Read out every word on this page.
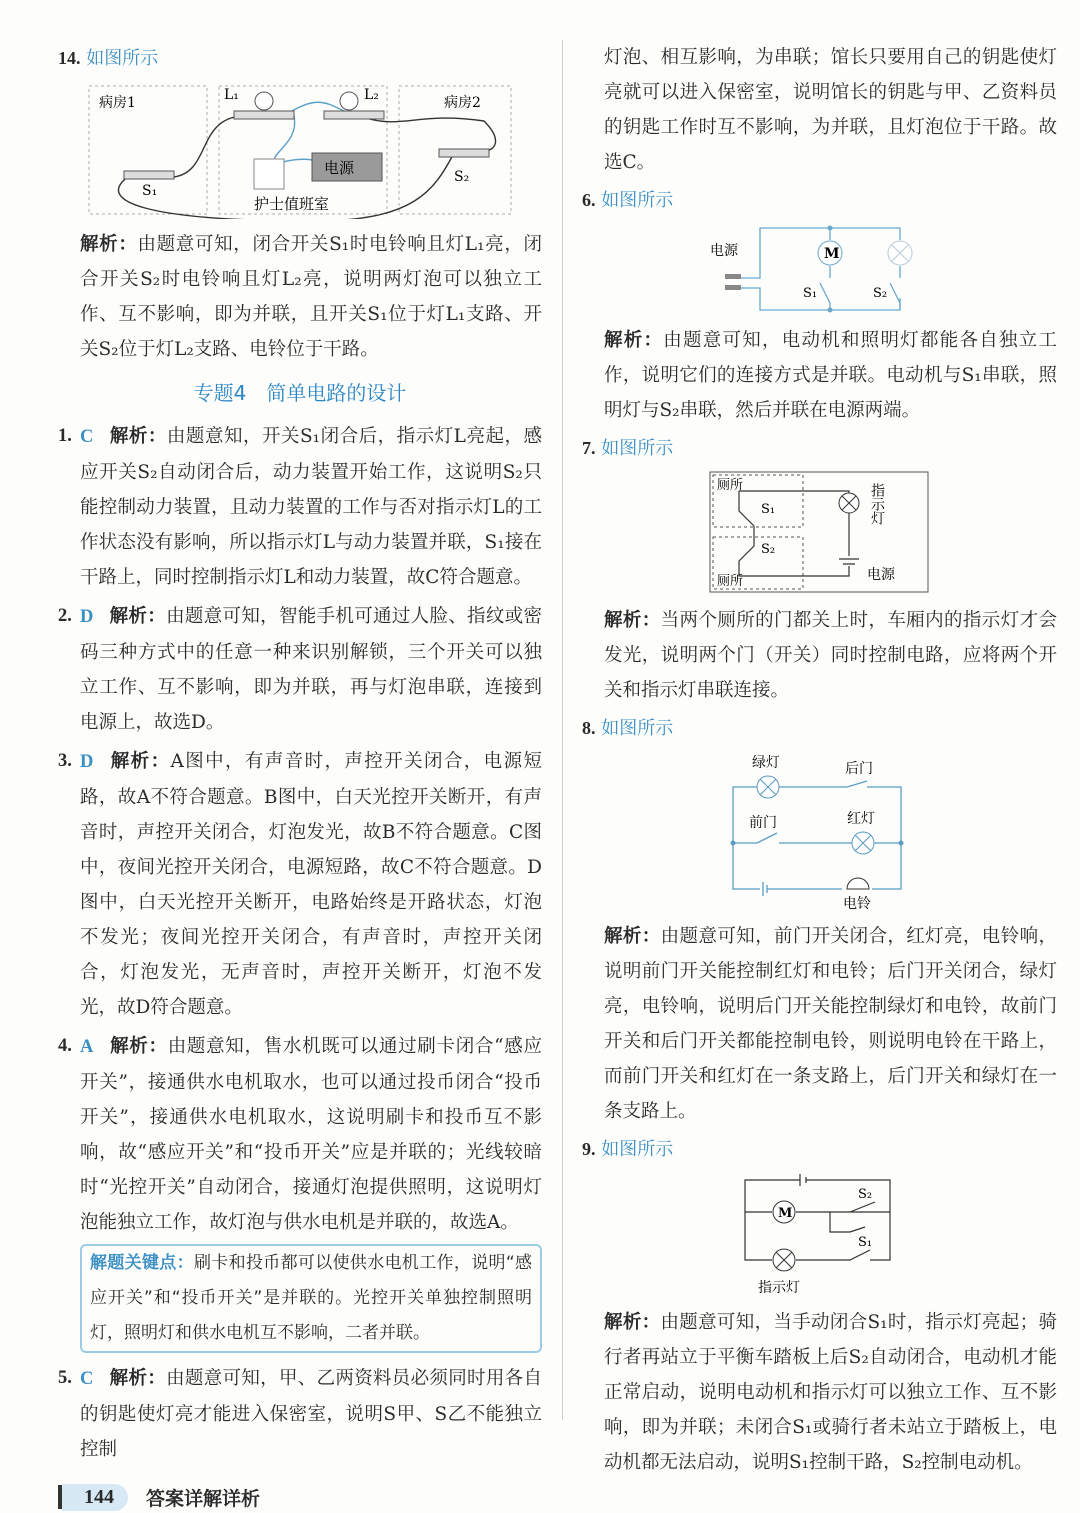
14. 如图所示
电源
病房1	病房2
护士值班室
L₁	L₂
S₁
S₂
解析：由题意可知，闭合开关S₁时电铃响且灯L₁亮，闭合开关S₂时电铃响且灯L₂亮，说明两灯泡可以独立工作、互不影响，即为并联，且开关S₁位于灯L₁支路、开关S₂位于灯L₂支路、电铃位于干路。
专题4　简单电路的设计
1. C 解析：由题意知，开关S₁闭合后，指示灯L亮起，感应开关S₂自动闭合后，动力装置开始工作，这说明S₂只能控制动力装置，且动力装置的工作与否对指示灯L的工作状态没有影响，所以指示灯L与动力装置并联，S₁接在干路上，同时控制指示灯L和动力装置，故C符合题意。
2. D 解析：由题意可知，智能手机可通过人脸、指纹或密码三种方式中的任意一种来识别解锁，三个开关可以独立工作、互不影响，即为并联，再与灯泡串联，连接到电源上，故选D。
3. D 解析：A图中，有声音时，声控开关闭合，电源短路，故A不符合题意。B图中，白天光控开关断开，有声音时，声控开关闭合，灯泡发光，故B不符合题意。C图中，夜间光控开关闭合，电源短路，故C不符合题意。D图中，白天光控开关断开，电路始终是开路状态，灯泡不发光；夜间光控开关闭合，有声音时，声控开关闭合，灯泡发光，无声音时，声控开关断开，灯泡不发光，故D符合题意。
4. A 解析：由题意知，售水机既可以通过刷卡闭合“感应开关”，接通供水电机取水，也可以通过投币闭合“投币开关”，接通供水电机取水，这说明刷卡和投币互不影响，故“感应开关”和“投币开关”应是并联的；光线较暗时“光控开关”自动闭合，接通灯泡提供照明，这说明灯泡能独立工作，故灯泡与供水电机是并联的，故选A。
解题关键点：刷卡和投币都可以使供水电机工作，说明“感应开关”和“投币开关”是并联的。光控开关单独控制照明灯，照明灯和供水电机互不影响，二者并联。
5. C 解析：由题意可知，甲、乙两资料员必须同时用各自的钥匙使灯亮才能进入保密室，说明S甲、S乙不能独立控制
144	答案详解详析
灯泡、相互影响，为串联；馆长只要用自己的钥匙使灯亮就可以进入保密室，说明馆长的钥匙与甲、乙资料员的钥匙工作时互不影响，为并联，且灯泡位于干路。故选C。
6. 如图所示
M
电源
S₁	S₂
解析：由题意可知，电动机和照明灯都能各自独立工作，说明它们的连接方式是并联。电动机与S₁串联，照明灯与S₂串联，然后并联在电源两端。
7. 如图所示
厕所
厕所
S₁
S₂
指示灯
电源
解析：当两个厕所的门都关上时，车厢内的指示灯才会发光，说明两个门（开关）同时控制电路，应将两个开关和指示灯串联连接。
8. 如图所示
绿灯	后门
前门	红灯
电铃
解析：由题意可知，前门开关闭合，红灯亮，电铃响，说明前门开关能控制红灯和电铃；后门开关闭合，绿灯亮，电铃响，说明后门开关能控制绿灯和电铃，故前门开关和后门开关都能控制电铃，则说明电铃在干路上，而前门开关和红灯在一条支路上，后门开关和绿灯在一条支路上。
9. 如图所示
M
S₂
S₁
指示灯
解析：由题意可知，当手动闭合S₁时，指示灯亮起；骑行者再站立于平衡车踏板上后S₂自动闭合，电动机才能正常启动，说明电动机和指示灯可以独立工作、互不影响，即为并联；未闭合S₁或骑行者未站立于踏板上，电动机都无法启动，说明S₁控制干路，S₂控制电动机。
